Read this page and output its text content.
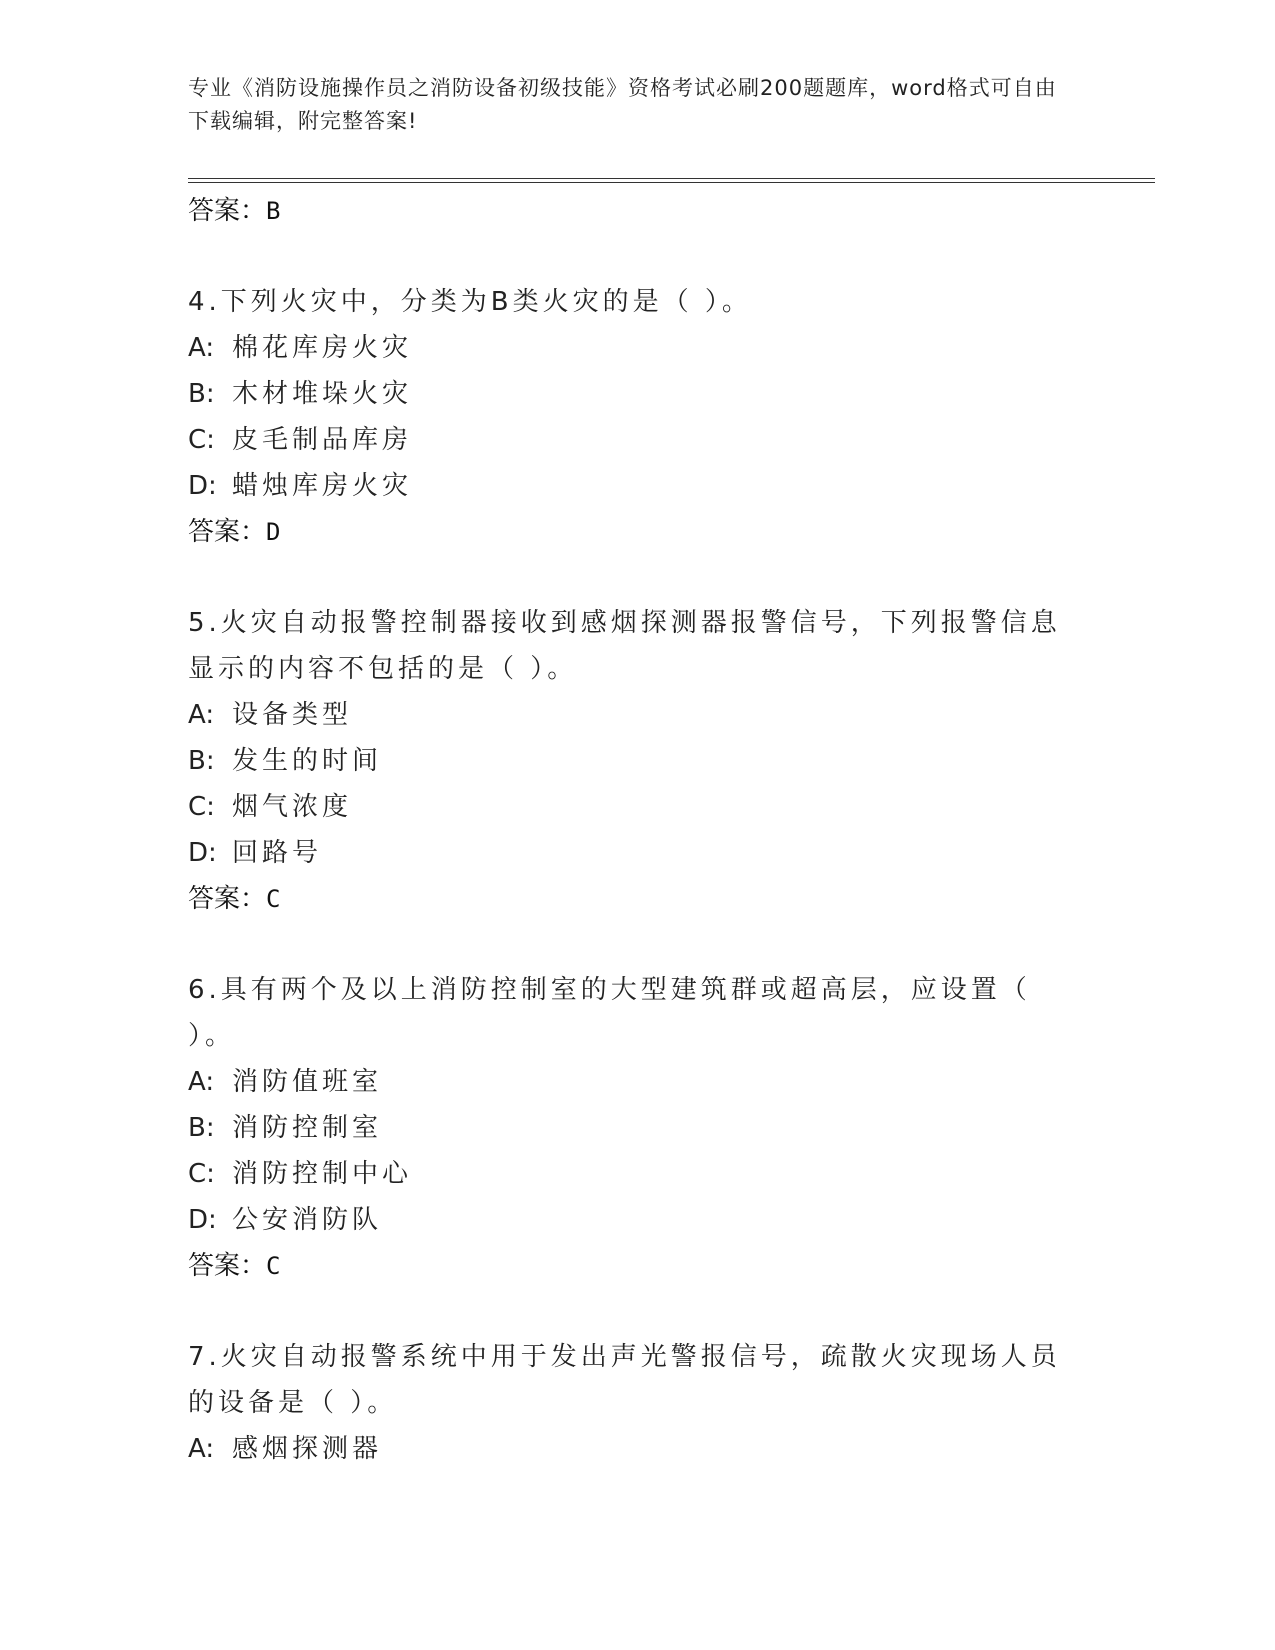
专业《消防设施操作员之消防设备初级技能》资格考试必刷200题题库，word格式可自由下载编辑，附完整答案!
答案：B
4.下列火灾中，分类为B类火灾的是（ ）。
A: 棉花库房火灾
B: 木材堆垛火灾
C: 皮毛制品库房
D: 蜡烛库房火灾
答案：D
5.火灾自动报警控制器接收到感烟探测器报警信号，下列报警信息显示的内容不包括的是（ ）。
A: 设备类型
B: 发生的时间
C: 烟气浓度
D: 回路号
答案：C
6.具有两个及以上消防控制室的大型建筑群或超高层，应设置（ ）。
A: 消防值班室
B: 消防控制室
C: 消防控制中心
D: 公安消防队
答案：C
7.火灾自动报警系统中用于发出声光警报信号，疏散火灾现场人员的设备是（ ）。
A: 感烟探测器
